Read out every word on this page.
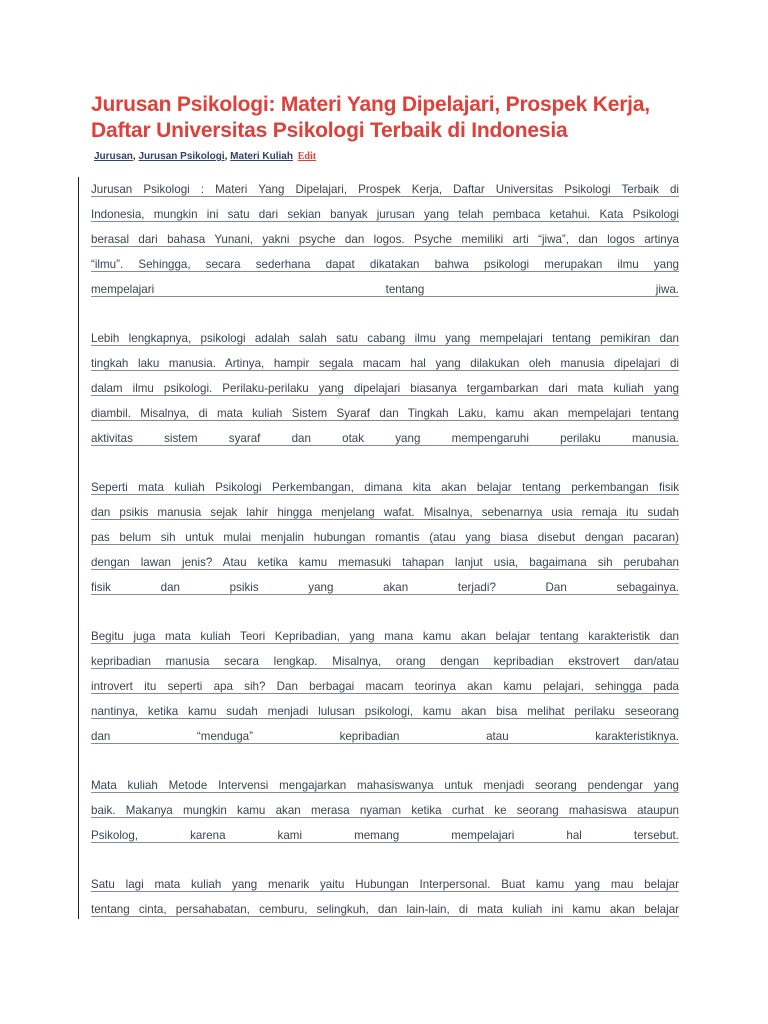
Jurusan Psikologi: Materi Yang Dipelajari, Prospek Kerja, Daftar Universitas Psikologi Terbaik di Indonesia
Jurusan, Jurusan Psikologi, Materi Kuliah Edit
Jurusan Psikologi : Materi Yang Dipelajari, Prospek Kerja, Daftar Universitas Psikologi Terbaik di
Indonesia, mungkin ini satu dari sekian banyak jurusan yang telah pembaca ketahui. Kata Psikologi
berasal dari bahasa Yunani, yakni psyche dan logos. Psyche memiliki arti “jiwa”, dan logos artinya
“ilmu”. Sehingga, secara sederhana dapat dikatakan bahwa psikologi merupakan ilmu yang
mempelajari tentang jiwa.
Lebih lengkapnya, psikologi adalah salah satu cabang ilmu yang mempelajari tentang pemikiran dan
tingkah laku manusia. Artinya, hampir segala macam hal yang dilakukan oleh manusia dipelajari di
dalam ilmu psikologi. Perilaku-perilaku yang dipelajari biasanya tergambarkan dari mata kuliah yang
diambil. Misalnya, di mata kuliah Sistem Syaraf dan Tingkah Laku, kamu akan mempelajari tentang
aktivitas sistem syaraf dan otak yang mempengaruhi perilaku manusia.
Seperti mata kuliah Psikologi Perkembangan, dimana kita akan belajar tentang perkembangan fisik
dan psikis manusia sejak lahir hingga menjelang wafat. Misalnya, sebenarnya usia remaja itu sudah
pas belum sih untuk mulai menjalin hubungan romantis (atau yang biasa disebut dengan pacaran)
dengan lawan jenis? Atau ketika kamu memasuki tahapan lanjut usia, bagaimana sih perubahan
fisik dan psikis yang akan terjadi? Dan sebagainya.
Begitu juga mata kuliah Teori Kepribadian, yang mana kamu akan belajar tentang karakteristik dan
kepribadian manusia secara lengkap. Misalnya, orang dengan kepribadian ekstrovert dan/atau
introvert itu seperti apa sih? Dan berbagai macam teorinya akan kamu pelajari, sehingga pada
nantinya, ketika kamu sudah menjadi lulusan psikologi, kamu akan bisa melihat perilaku seseorang
dan “menduga” kepribadian atau karakteristiknya.
Mata kuliah Metode Intervensi mengajarkan mahasiswanya untuk menjadi seorang pendengar yang
baik. Makanya mungkin kamu akan merasa nyaman ketika curhat ke seorang mahasiswa ataupun
Psikolog, karena kami memang mempelajari hal tersebut.
Satu lagi mata kuliah yang menarik yaitu Hubungan Interpersonal. Buat kamu yang mau belajar
tentang cinta, persahabatan, cemburu, selingkuh, dan lain-lain, di mata kuliah ini kamu akan belajar
